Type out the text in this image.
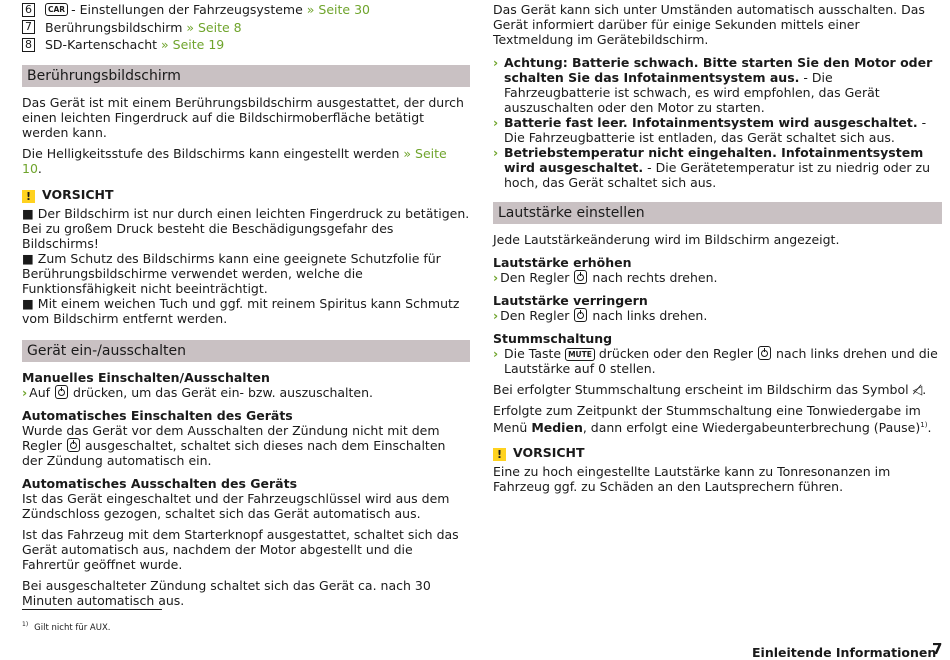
6	CAR - Einstellungen der Fahrzeugsysteme » Seite 30
7 Berührungsbildschirm » Seite 8
8 SD-Kartenschacht » Seite 19
Berührungsbildschirm

Das Gerät ist mit einem Berührungsbildschirm ausgestattet, der durch einen leichten Fingerdruck auf die Bildschirmoberfläche betätigt werden kann.

Die Helligkeitsstufe des Bildschirms kann eingestellt werden » Seite 10.

! VORSICHT

■ Der Bildschirm ist nur durch einen leichten Fingerdruck zu betätigen. Bei zu großem Druck besteht die Beschädigungsgefahr des Bildschirms!

■ Zum Schutz des Bildschirms kann eine geeignete Schutzfolie für Berührungsbildschirme verwendet werden, welche die Funktionsfähigkeit nicht beeinträchtigt.

■ Mit einem weichen Tuch und ggf. mit reinem Spiritus kann Schmutz vom Bildschirm entfernt werden.

Gerät ein-/ausschalten

Manuelles Einschalten/Ausschalten

› Auf drücken, um das Gerät ein- bzw. auszuschalten.

Automatisches Einschalten des Geräts

Wurde das Gerät vor dem Ausschalten der Zündung nicht mit dem Regler ausgeschaltet, schaltet sich dieses nach dem Einschalten der Zündung automatisch ein.

Automatisches Ausschalten des Geräts

Ist das Gerät eingeschaltet und der Fahrzeugschlüssel wird aus dem Zündschloss gezogen, schaltet sich das Gerät automatisch aus.

Ist das Fahrzeug mit dem Starterknopf ausgestattet, schaltet sich das Gerät automatisch aus, nachdem der Motor abgestellt und die Fahrertür geöffnet wurde.

Bei ausgeschalteter Zündung schaltet sich das Gerät ca. nach 30 Minuten automatisch aus.

Das Gerät kann sich unter Umständen automatisch ausschalten. Das Gerät informiert darüber für einige Sekunden mittels einer Textmeldung im Gerätebildschirm.

› Achtung: Batterie schwach. Bitte starten Sie den Motor oder schalten Sie das Infotainmentsystem aus. - Die Fahrzeugbatterie ist schwach, es wird empfohlen, das Gerät auszuschalten oder den Motor zu starten.
› Batterie fast leer. Infotainmentsystem wird ausgeschaltet. - Die Fahrzeugbatterie ist entladen, das Gerät schaltet sich aus.
› Betriebstemperatur nicht eingehalten. Infotainmentsystem wird ausgeschaltet. - Die Gerätetemperatur ist zu niedrig oder zu hoch, das Gerät schaltet sich aus.
Lautstärke einstellen

Jede Lautstärkeänderung wird im Bildschirm angezeigt.

Lautstärke erhöhen

› Den Regler nach rechts drehen.

Lautstärke verringern

› Den Regler nach links drehen.

Stummschaltung

› Die Taste MUTE drücken oder den Regler nach links drehen und die Lautstärke auf 0 stellen.

Bei erfolgter Stummschaltung erscheint im Bildschirm das Symbol ◁̸.

Erfolgte zum Zeitpunkt der Stummschaltung eine Tonwiedergabe im Menü Medien, dann erfolgt eine Wiedergabeunterbrechung (Pause)$^{1)}$.

! VORSICHT

Eine zu hoch eingestellte Lautstärke kann zu Tonresonanzen im Fahrzeug ggf. zu Schäden an den Lautsprechern führen.

$^{1)}$ Gilt nicht für AUX.
Einleitende Informationen
7
